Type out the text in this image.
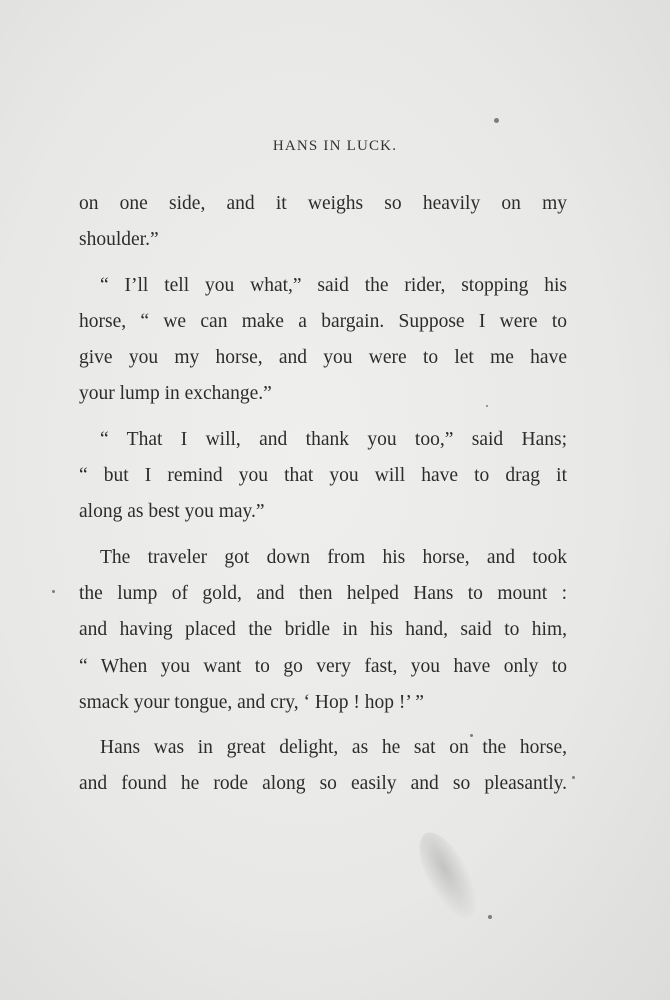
HANS IN LUCK.
on one side, and it weighs so heavily on my
shoulder.”
“ I’ll tell you what,” said the rider, stopping his
horse, “ we can make a bargain. Suppose I were to
give you my horse, and you were to let me have
your lump in exchange.”
“ That I will, and thank you too,” said Hans;
“ but I remind you that you will have to drag it
along as best you may.”
The traveler got down from his horse, and took
the lump of gold, and then helped Hans to mount :
and having placed the bridle in his hand, said to him,
“ When you want to go very fast, you have only to
smack your tongue, and cry, ‘ Hop ! hop !’ ”
Hans was in great delight, as he sat on the horse,
and found he rode along so easily and so pleasantly.
